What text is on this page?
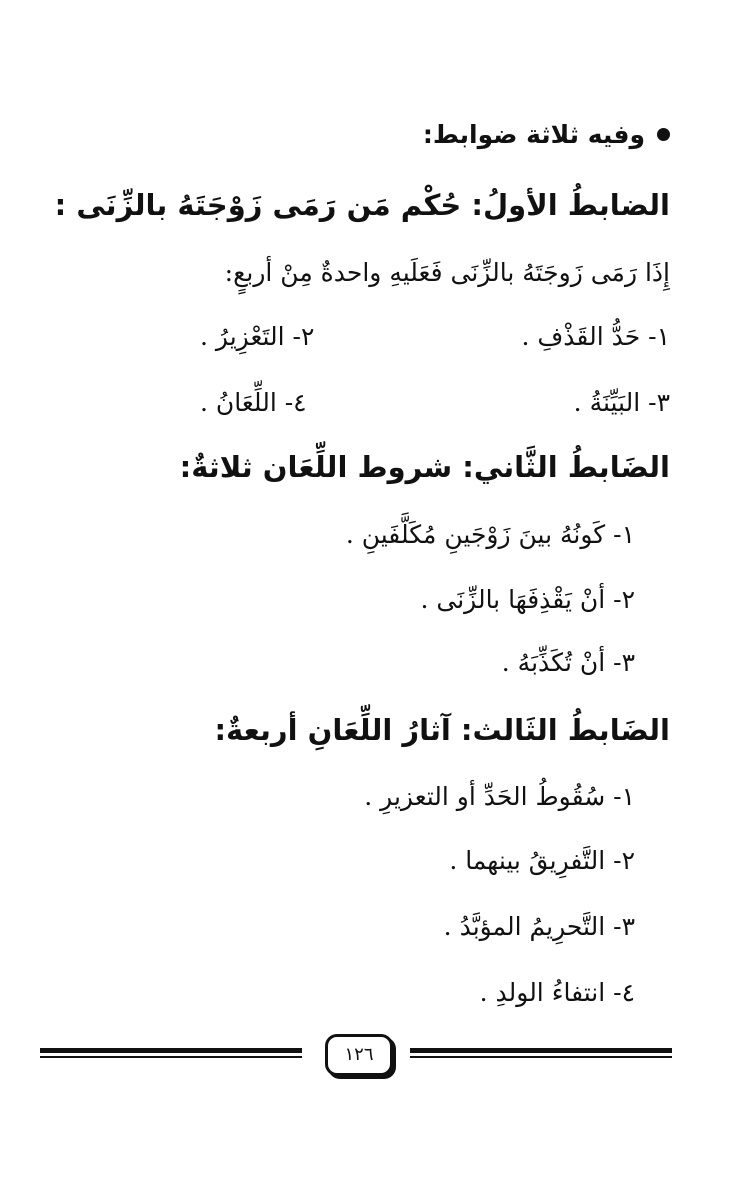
وفيه ثلاثة ضوابط:
الضابطُ الأولُ: حُكْم مَن رَمَى زَوْجَتَهُ بالزِّنَى :
إِذَا رَمَى زَوجَتَهُ بالزِّنَى فَعَلَيهِ واحدةٌ مِنْ أربعٍ:
١- حَدُّ القَذْفِ .
٢- التَعْزِيرُ .
٣- البَيِّنَةُ .
٤- اللِّعَانُ .
الضَابطُ الثَّاني: شروط اللِّعَان ثلاثةٌ:
١- كَونُهُ بينَ زَوْجَينِ مُكَلَّفَينِ .
٢- أنْ يَقْذِفَهَا بالزِّنَى .
٣- أنْ تُكَذِّبَهُ .
الضَابطُ الثَالث: آثارُ اللِّعَانِ أربعةٌ:
١- سُقُوطُ الحَدِّ أو التعزيرِ .
٢- التَّفرِيقُ بينهما .
٣- التَّحرِيمُ المؤبَّدُ .
٤- انتفاءُ الولدِ .
١٢٦
